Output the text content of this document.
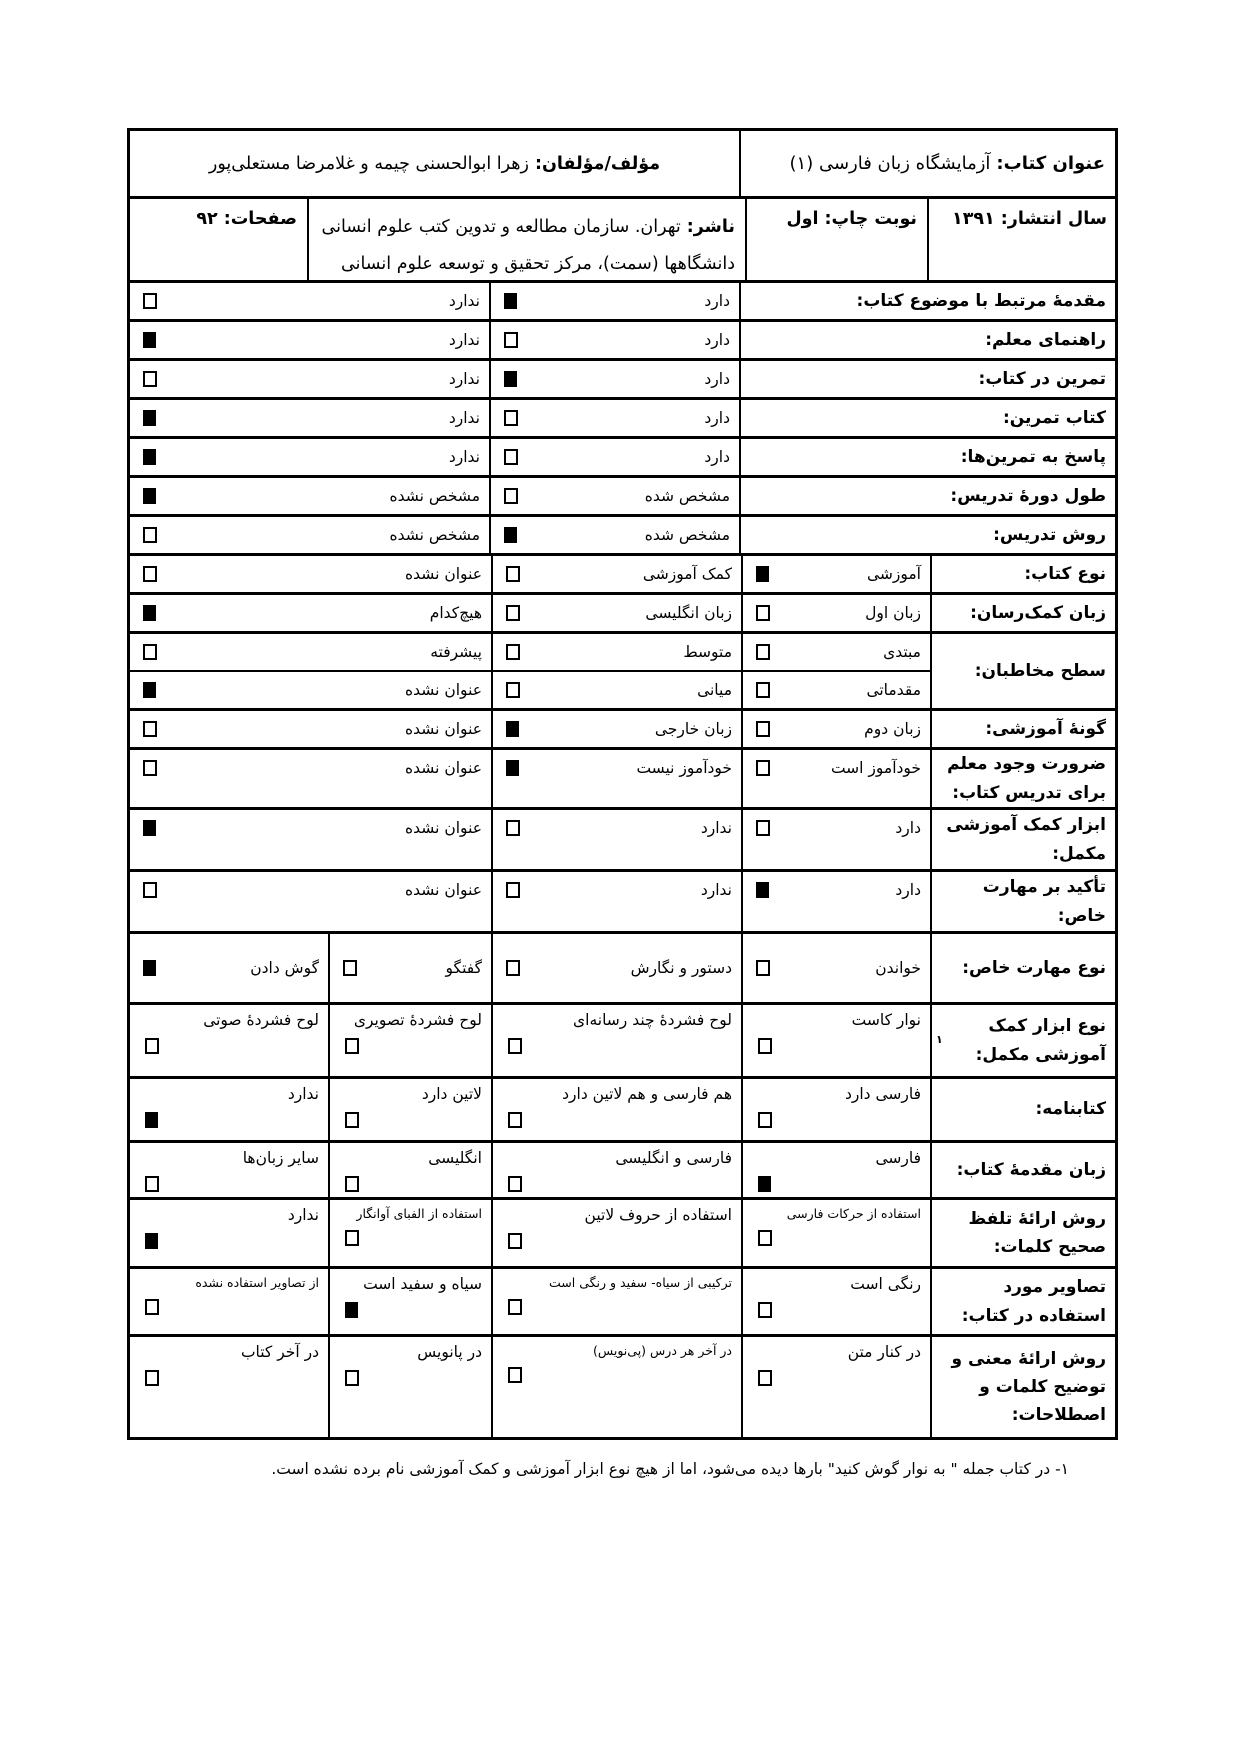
عنوان کتاب:آزمایشگاه زبان فارسی (۱)
مؤلف/مؤلفان:زهرا ابوالحسنی چیمه و غلامرضا مستعلی‌پور
سال انتشار:۱۳۹۱
نوبت چاپ:اول
ناشر:تهران. سازمان مطالعه و تدوین کتب علوم انسانی دانشگاهها (سمت)، مرکز تحقیق و توسعه علوم انسانی
صفحات:۹۲
مقدمۀ مرتبط با موضوع کتاب:
دارد
ندارد
راهنمای معلم:
دارد
ندارد
تمرین در کتاب:
دارد
ندارد
کتاب تمرین:
دارد
ندارد
پاسخ به تمرین‌ها:
دارد
ندارد
طول دورۀ تدریس:
مشخص شده
مشخص نشده
روش تدریس:
مشخص شده
مشخص نشده
نوع کتاب:
آموزشی
کمک آموزشی
عنوان نشده
زبان کمک‌رسان:
زبان اول
زبان انگلیسی
هیچ‌کدام
سطح مخاطبان:
مبتدی
متوسط
پیشرفته
مقدماتی
میانی
عنوان نشده
گونۀ آموزشی:
زبان دوم
زبان خارجی
عنوان نشده
ضرورت وجود معلم برای تدریس کتاب:
خودآموز است
خودآموز نیست
عنوان نشده
ابزار کمک آموزشی مکمل:
دارد
ندارد
عنوان نشده
تأکید بر مهارت خاص:
دارد
ندارد
عنوان نشده
نوع مهارت خاص:
خواندن
دستور و نگارش
گفتگو
گوش دادن
نوع ابزار کمک آموزشی مکمل:
۱
نوار کاست
لوح فشردۀ چند رسانه‌ای
لوح فشردۀ تصویری
لوح فشردۀ صوتی
کتابنامه:
فارسی دارد
هم فارسی و هم لاتین دارد
لاتین دارد
ندارد
زبان مقدمۀ کتاب:
فارسی
فارسی و انگلیسی
انگلیسی
سایر زبان‌ها
روش ارائۀ تلفظ صحیح کلمات:
استفاده از حرکات فارسی
استفاده از حروف لاتین
استفاده از الفبای آوانگار
ندارد
تصاویر مورد استفاده در کتاب:
رنگی است
ترکیبی از سیاه- سفید و رنگی است
سیاه و سفید است
از تصاویر استفاده نشده
روش ارائۀ معنی و توضیح کلمات و اصطلاحات:
در کنار متن
در آخر هر درس (پی‌نویس)
در پانویس
در آخر کتاب
۱- در کتاب جمله " به نوار گوش کنید" بارها دیده می‌شود، اما از هیچ نوع ابزار آموزشی و کمک آموزشی نام برده نشده است.
